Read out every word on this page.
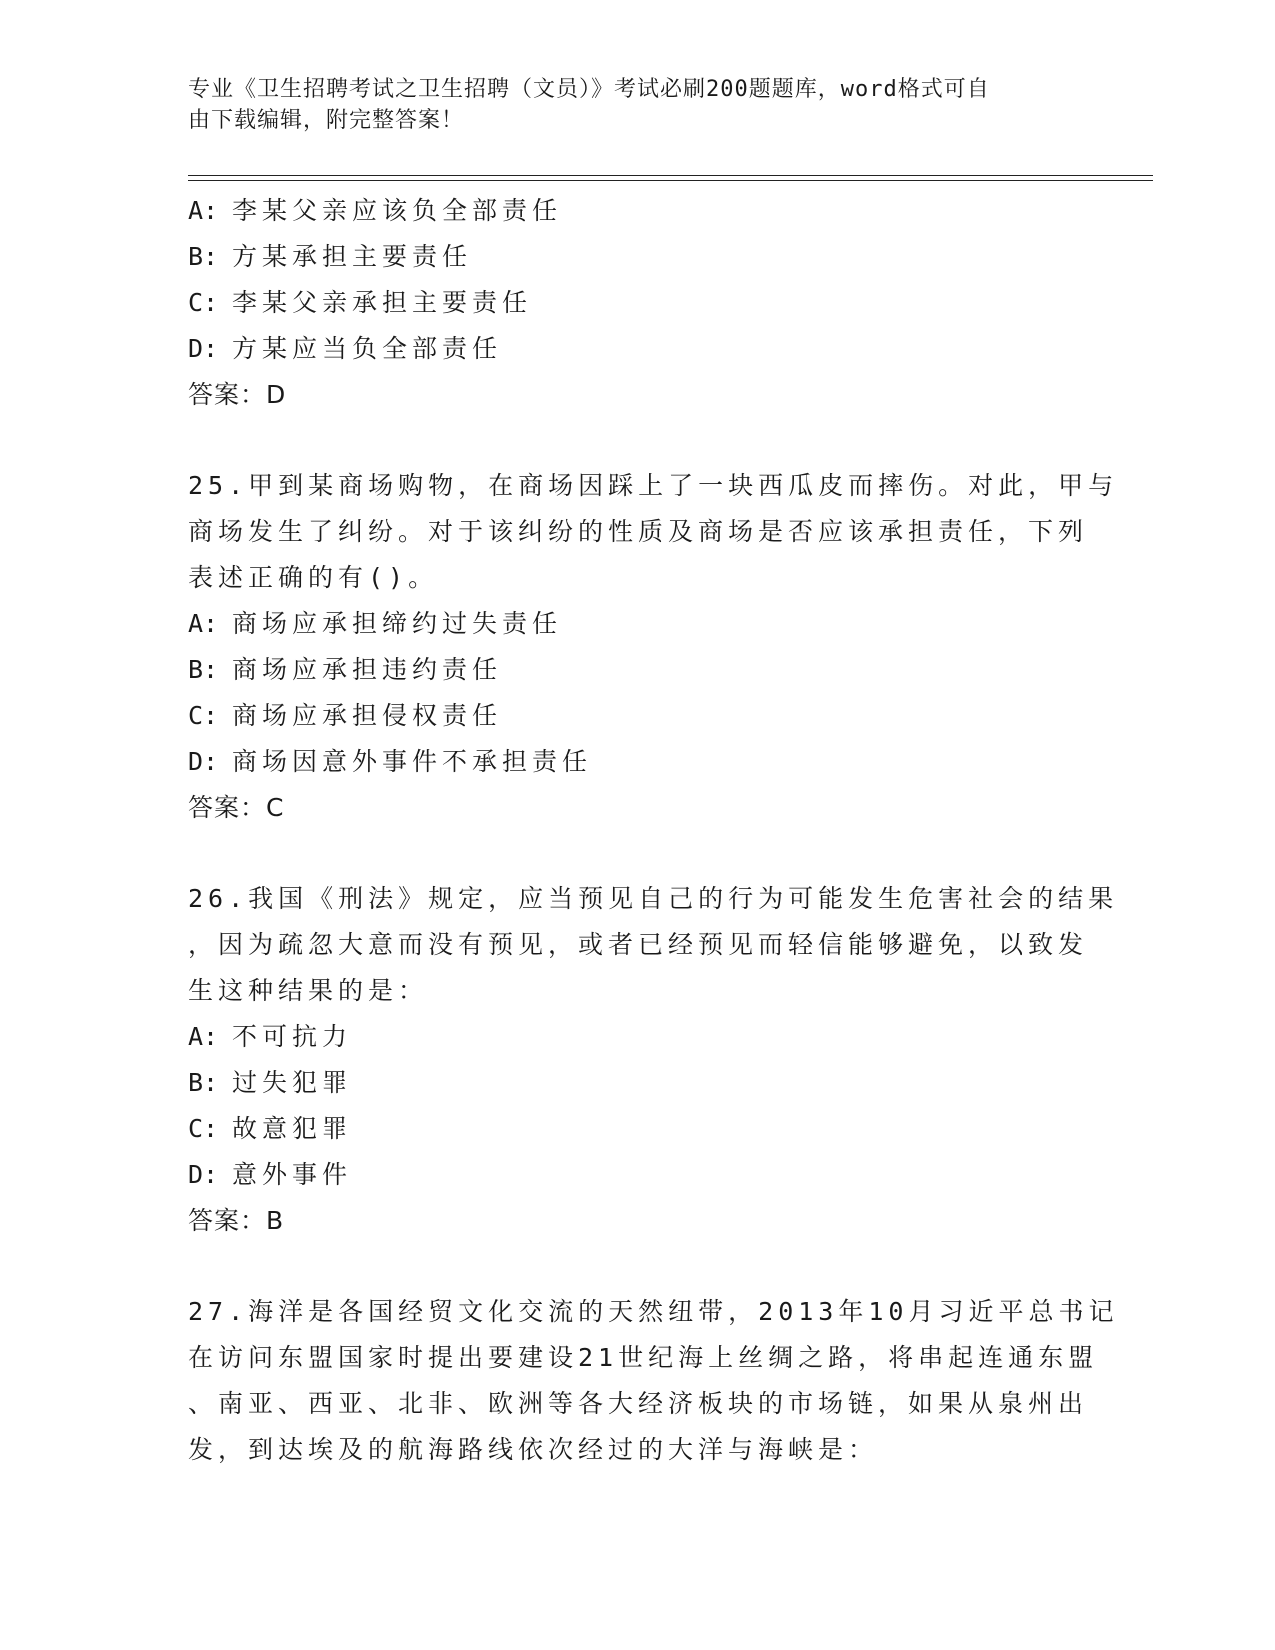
专业《卫生招聘考试之卫生招聘（文员）》考试必刷200题题库，word格式可自
由下载编辑，附完整答案！
A: 李某父亲应该负全部责任
B: 方某承担主要责任
C: 李某父亲承担主要责任
D: 方某应当负全部责任
答案：D
25.甲到某商场购物，在商场因踩上了一块西瓜皮而摔伤。对此，甲与
商场发生了纠纷。对于该纠纷的性质及商场是否应该承担责任，下列
表述正确的有()。
A: 商场应承担缔约过失责任
B: 商场应承担违约责任
C: 商场应承担侵权责任
D: 商场因意外事件不承担责任
答案：C
26.我国《刑法》规定，应当预见自己的行为可能发生危害社会的结果
，因为疏忽大意而没有预见，或者已经预见而轻信能够避免，以致发
生这种结果的是：
A: 不可抗力
B: 过失犯罪
C: 故意犯罪
D: 意外事件
答案：B
27.海洋是各国经贸文化交流的天然纽带，2013年10月习近平总书记
在访问东盟国家时提出要建设21世纪海上丝绸之路，将串起连通东盟
、南亚、西亚、北非、欧洲等各大经济板块的市场链，如果从泉州出
发，到达埃及的航海路线依次经过的大洋与海峡是：
